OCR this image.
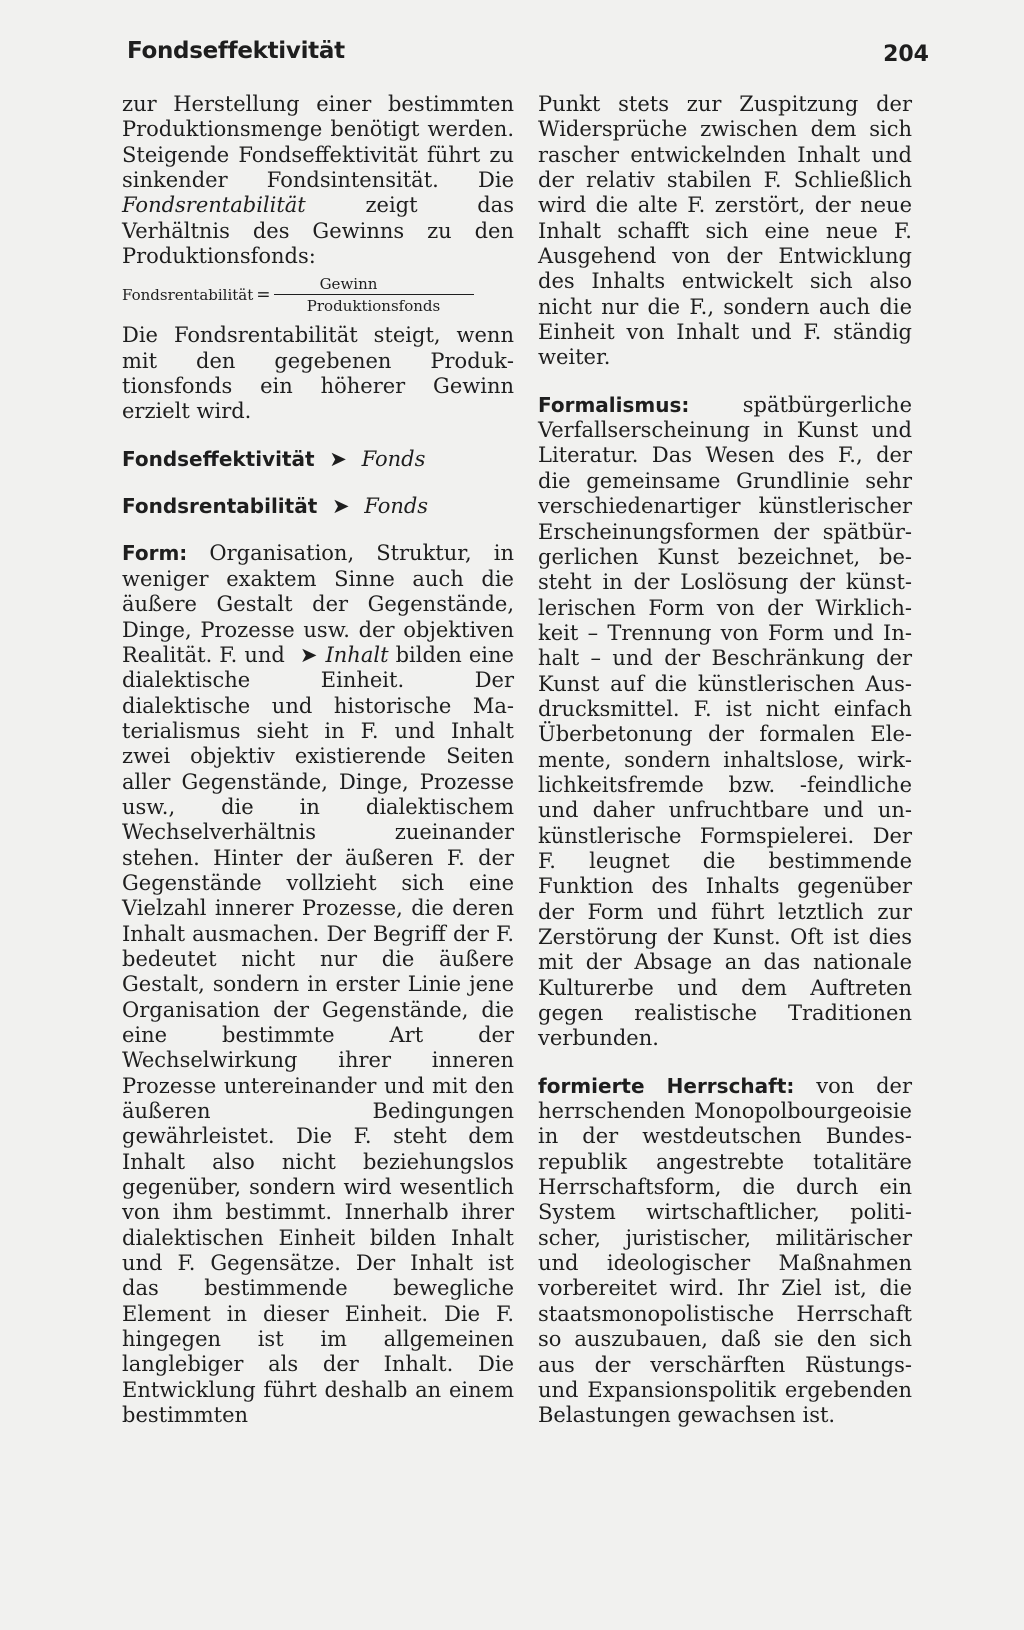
Fondseffektivität	204

zur Herstellung einer bestimmten Produktionsmenge benötigt werden. Steigende Fondseffektivität führt zu sinkender Fondsintensität. Die Fondsrentabilität	zeigt das Verhältnis des Gewinns zu den Produktionsfonds:

Fondsrentabilität = $\frac{\text{Gewinn}}{\text{Produktionsfonds}}$

Die Fondsrentabilität steigt, wenn mit den gegebenen Produktionsfonds ein höherer Gewinn erzielt wird.

Fondseffektivität ➤ Fonds

Fondsrentabilität ➤ Fonds

Form: Organisation, Struktur, in weniger exaktem Sinne auch die äußere Gestalt der Gegenstände, Dinge, Prozesse usw. der objektiven Realität. F. und ➤ Inhalt bilden eine dialektische Einheit. Der dialektische und historische Materialismus sieht in F. und Inhalt zwei objektiv existierende Seiten aller Gegenstände, Dinge, Prozesse usw., die in dialektischem Wechselverhältnis zueinander stehen. Hinter der äußeren F. der Gegenstände vollzieht sich eine Vielzahl innerer Prozesse, die deren Inhalt ausmachen. Der Begriff der F. bedeutet nicht nur die äußere Gestalt, sondern in erster Linie jene Organisation der Gegenstände, die eine bestimmte Art der Wechselwirkung ihrer inneren Prozesse untereinander und mit den äußeren Bedingungen gewährleistet. Die F. steht dem Inhalt also nicht beziehungslos gegenüber, sondern wird wesentlich von ihm bestimmt. Innerhalb ihrer dialektischen Einheit bilden Inhalt und F. Gegensätze. Der Inhalt ist das bestimmende bewegliche Element in dieser Einheit. Die F. hingegen ist im allgemeinen langlebiger als der Inhalt. Die Entwicklung führt deshalb an einem bestimmten

Punkt stets zur Zuspitzung der Widersprüche zwischen dem sich rascher entwickelnden Inhalt und der relativ stabilen F. Schließlich wird die alte F. zerstört, der neue Inhalt schafft sich eine neue F. Ausgehend von der Entwicklung des Inhalts entwickelt sich also nicht nur die F., sondern auch die Einheit von Inhalt und F. ständig weiter.

Formalismus:	spätbürgerliche Verfallserscheinung in Kunst und Literatur. Das Wesen des F., der die gemeinsame Grundlinie sehr verschiedenartiger künstlerischer Erscheinungsformen der spätbürgerlichen Kunst bezeichnet, besteht in der Loslösung der künstlerischen Form von der Wirklichkeit – Trennung von Form und Inhalt – und der Beschränkung der Kunst auf die künstlerischen Ausdrucksmittel. F. ist nicht einfach Überbetonung der formalen Elemente, sondern inhaltslose, wirklichkeitsfremde bzw. -feindliche und daher unfruchtbare und unkünstlerische Formspielerei. Der F. leugnet die bestimmende Funktion des Inhalts gegenüber der Form und führt letztlich zur Zerstörung der Kunst. Oft ist dies mit der Absage an das nationale Kulturerbe und dem Auftreten gegen realistische Traditionen verbunden.

formierte Herrschaft: von der herrschenden Monopolbourgeoisie in der westdeutschen Bundesrepublik angestrebte totalitäre Herrschaftsform, die durch ein System wirtschaftlicher, politischer, juristischer, militärischer und ideologischer Maßnahmen vorbereitet wird. Ihr Ziel ist, die staatsmonopolistische Herrschaft so auszubauen, daß sie den sich aus der verschärften Rüstungs- und Expansionspolitik ergebenden Belastungen gewachsen ist.
